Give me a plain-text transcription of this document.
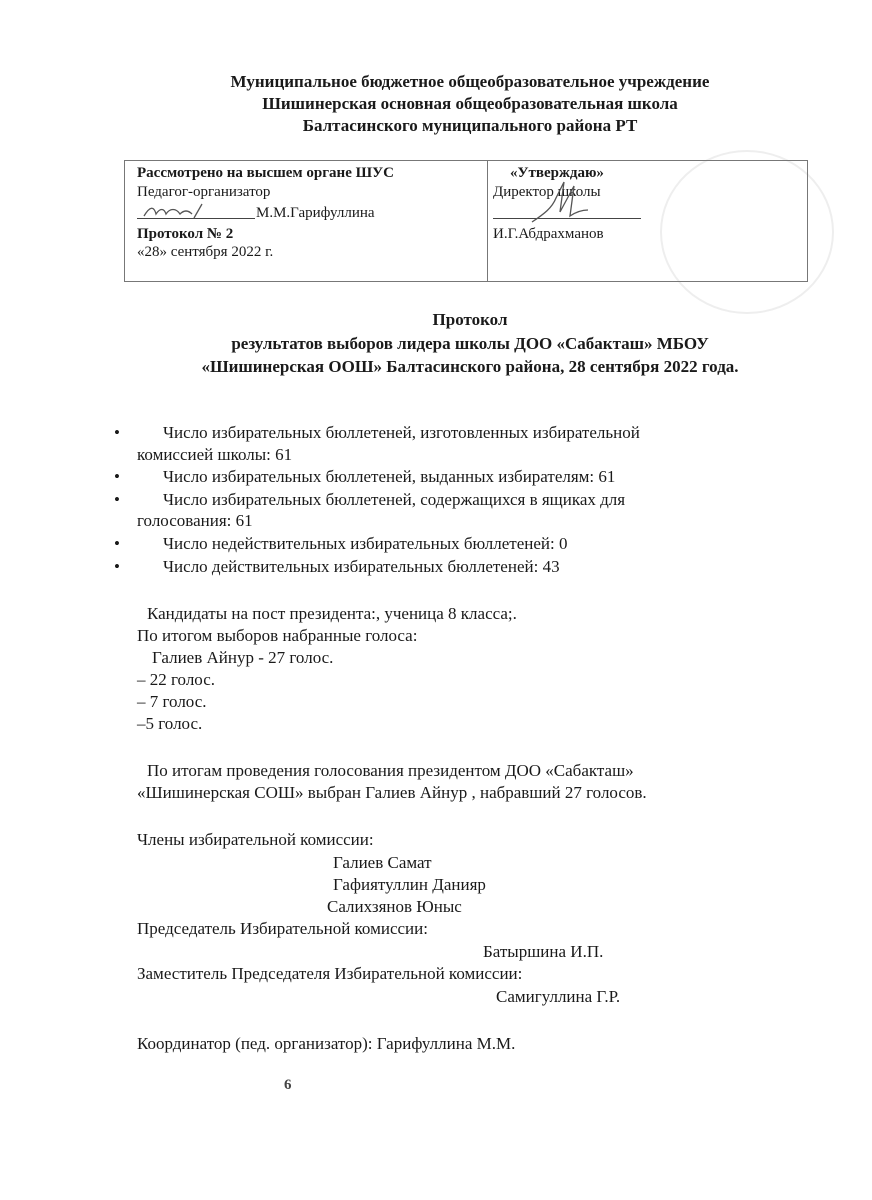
Муниципальное бюджетное общеобразовательное учреждение
Шишинерская основная общеобразовательная школа
Балтасинского муниципального района РТ
Рассмотрено на высшем органе ШУС
Педагог-организатор
М.М.Гарифуллина
Протокол № 2
«28» сентября 2022 г.
«Утверждаю»
Директор школы
И.Г.Абдрахманов
Протокол
результатов выборов лидера школы ДОО «Сабакташ» МБОУ
«Шишинерская ООШ» Балтасинского района, 28 сентября 2022 года.
•	Число избирательных бюллетеней, изготовленных избирательной
комиссией школы: 61
•	Число избирательных бюллетеней, выданных избирателям: 61
•	Число избирательных бюллетеней, содержащихся в ящиках для
голосования: 61
•	Число недействительных избирательных бюллетеней: 0
•	Число действительных избирательных бюллетеней: 43
Кандидаты на пост президента:, ученица 8 класса;.
По итогом выборов набранные голоса:
Галиев Айнур - 27 голос.
– 22 голос.
– 7 голос.
–5 голос.
По итогам проведения голосования президентом ДОО «Сабакташ»
«Шишинерская СОШ» выбран Галиев Айнур , набравший 27 голосов.
Члены избирательной комиссии:
Галиев Самат
Гафиятуллин Данияр
Салихзянов Юныс
Председатель Избирательной комиссии:
Батыршина И.П.
Заместитель Председателя Избирательной комиссии:
Самигуллина Г.Р.
Координатор (пед. организатор): Гарифуллина М.М.
6
